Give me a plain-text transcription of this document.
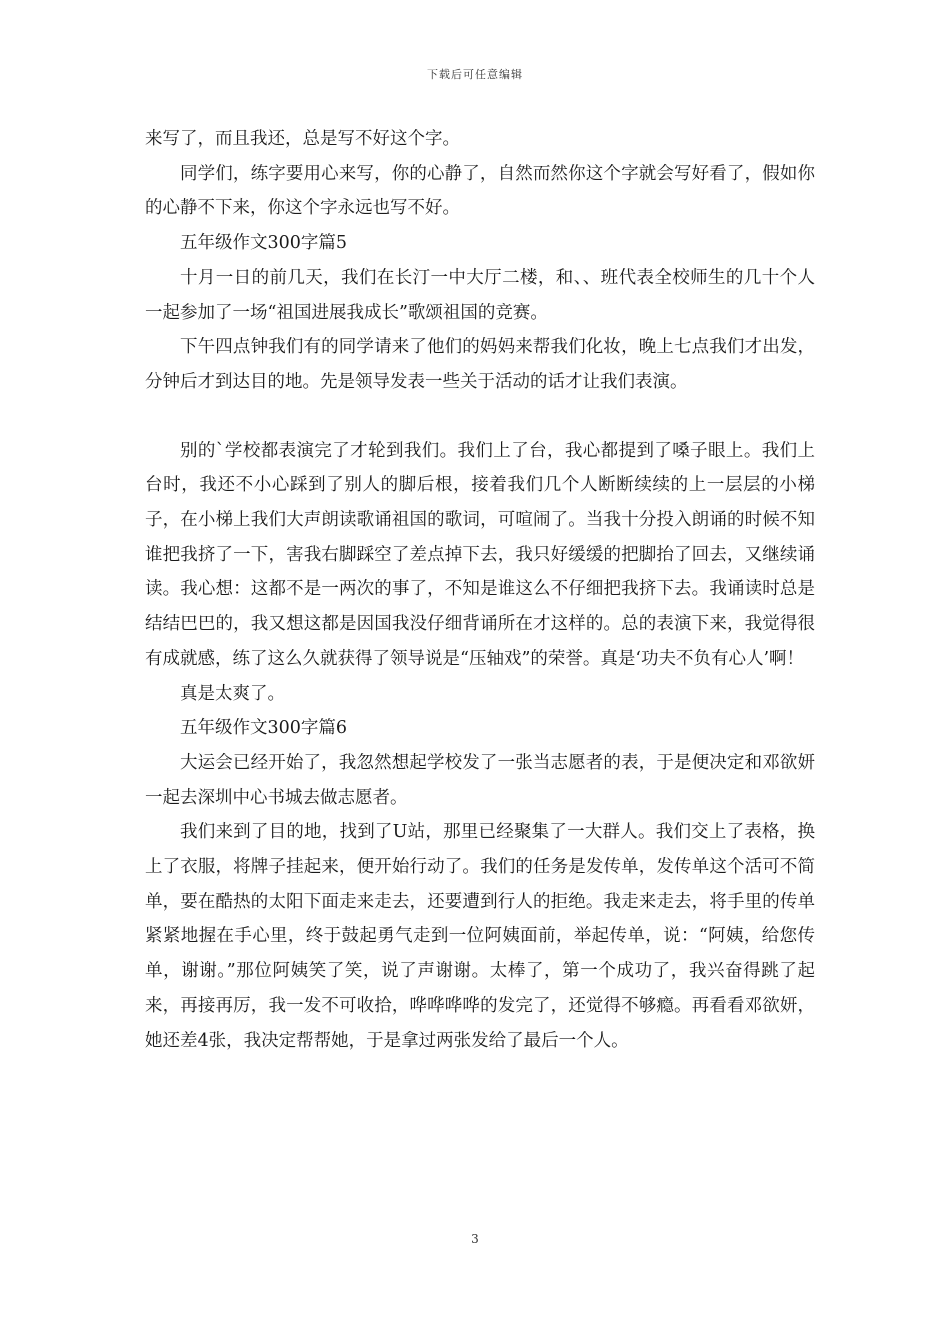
下载后可任意编辑

来写了，而且我还，总是写不好这个字。

同学们，练字要用心来写，你的心静了，自然而然你这个字就会写好看了，假如你的心静不下来，你这个字永远也写不好。

五年级作文300字篇5

十月一日的前几天，我们在长汀一中大厅二楼，和、、班代表全校师生的几十个人一起参加了一场“祖国进展我成长”歌颂祖国的竞赛。

下午四点钟我们有的同学请来了他们的妈妈来帮我们化妆，晚上七点我们才出发，分钟后才到达目的地。先是领导发表一些关于活动的话才让我们表演。

别的`学校都表演完了才轮到我们。我们上了台，我心都提到了嗓子眼上。我们上台时，我还不小心踩到了别人的脚后根，接着我们几个人断断续续的上一层层的小梯子，在小梯上我们大声朗读歌诵祖国的歌词，可喧闹了。当我十分投入朗诵的时候不知谁把我挤了一下，害我右脚踩空了差点掉下去，我只好缓缓的把脚抬了回去，又继续诵读。我心想：这都不是一两次的事了，不知是谁这么不仔细把我挤下去。我诵读时总是结结巴巴的，我又想这都是因国我没仔细背诵所在才这样的。总的表演下来，我觉得很有成就感，练了这么久就获得了领导说是“压轴戏”的荣誉。真是‘功夫不负有心人’啊！

真是太爽了。

五年级作文300字篇6

大运会已经开始了，我忽然想起学校发了一张当志愿者的表，于是便决定和邓欲妍一起去深圳中心书城去做志愿者。

我们来到了目的地，找到了U站，那里已经聚集了一大群人。我们交上了表格，换上了衣服，将牌子挂起来，便开始行动了。我们的任务是发传单，发传单这个活可不简单，要在酷热的太阳下面走来走去，还要遭到行人的拒绝。我走来走去，将手里的传单紧紧地握在手心里，终于鼓起勇气走到一位阿姨面前，举起传单，说：“阿姨，给您传单，谢谢。”那位阿姨笑了笑，说了声谢谢。太棒了，第一个成功了，我兴奋得跳了起来，再接再厉，我一发不可收拾，哗哗哗哗的发完了，还觉得不够瘾。再看看邓欲妍，她还差4张，我决定帮帮她，于是拿过两张发给了最后一个人。

3
